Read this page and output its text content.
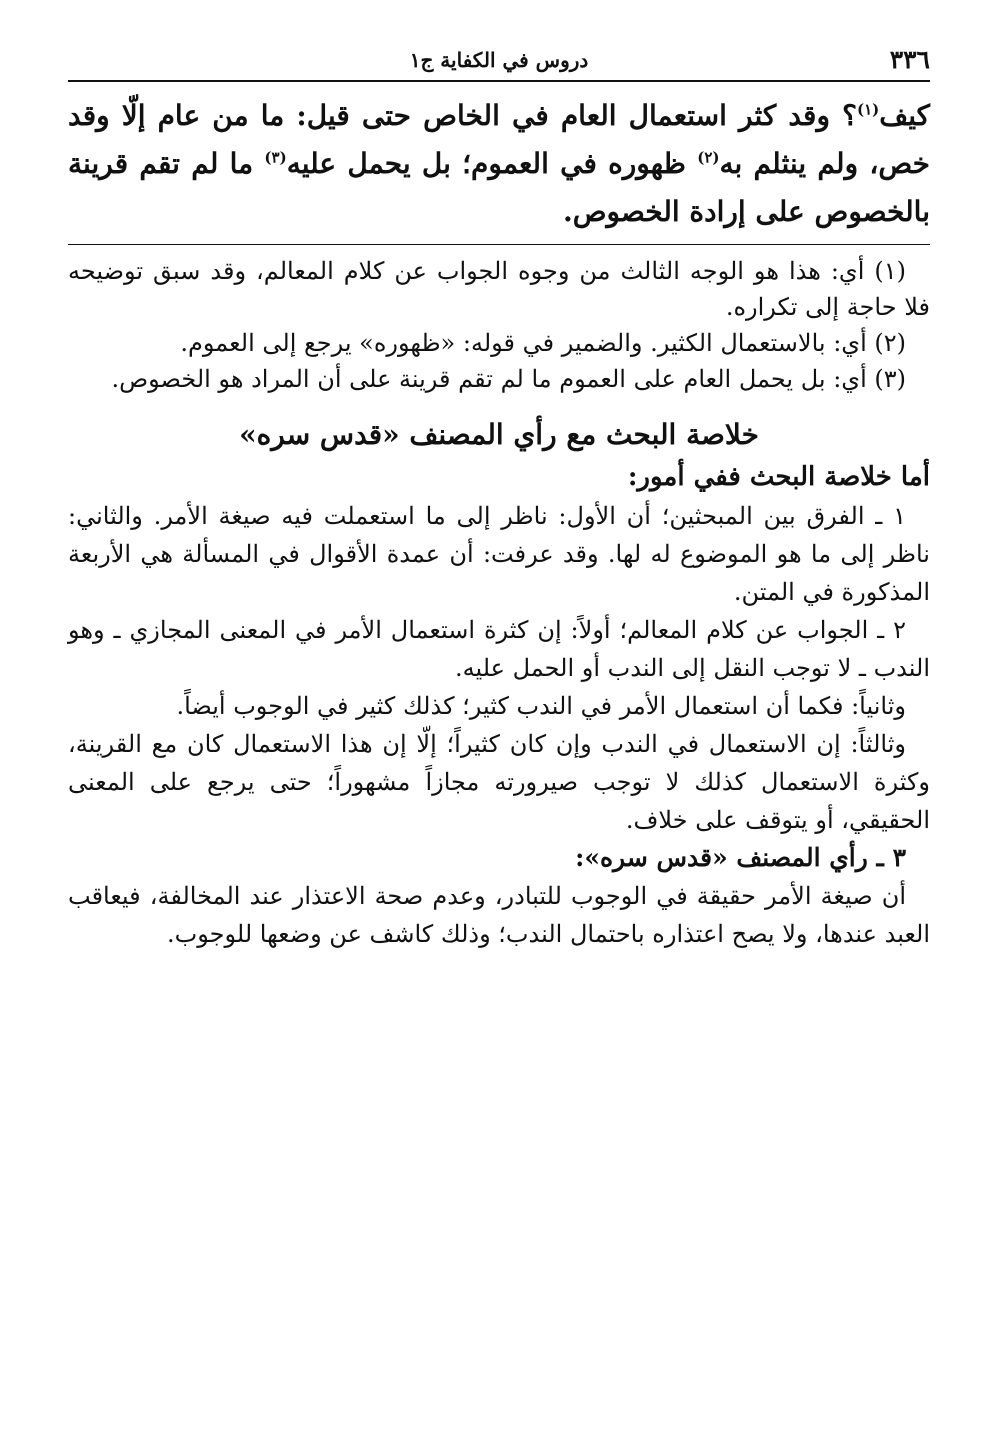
٣٣٦
دروس في الكفاية ج١

كيف$^{(١)}$؟ وقد كثر استعمال العام في الخاص حتى قيل: ما من عام إلّا وقد خص، ولم ينثلم به$^{(٢)}$ ظهوره في العموم؛ بل يحمل عليه$^{(٣)}$ ما لم تقم قرينة بالخصوص على إرادة الخصوص.

(١) أي: هذا هو الوجه الثالث من وجوه الجواب عن كلام المعالم، وقد سبق توضيحه فلا حاجة إلى تكراره.

(٢) أي: بالاستعمال الكثير. والضمير في قوله: «ظهوره» يرجع إلى العموم.

(٣) أي: بل يحمل العام على العموم ما لم تقم قرينة على أن المراد هو الخصوص.

خلاصة البحث مع رأي المصنف «قدس سره»

أما خلاصة البحث ففي أمور:

١ ـ الفرق بين المبحثين؛ أن الأول: ناظر إلى ما استعملت فيه صيغة الأمر. والثاني: ناظر إلى ما هو الموضوع له لها. وقد عرفت: أن عمدة الأقوال في المسألة هي الأربعة المذكورة في المتن.

٢ ـ الجواب عن كلام المعالم؛ أولاً: إن كثرة استعمال الأمر في المعنى المجازي ـ وهو الندب ـ لا توجب النقل إلى الندب أو الحمل عليه.

وثانياً: فكما أن استعمال الأمر في الندب كثير؛ كذلك كثير في الوجوب أيضاً.

وثالثاً: إن الاستعمال في الندب وإن كان كثيراً؛ إلّا إن هذا الاستعمال كان مع القرينة، وكثرة الاستعمال كذلك لا توجب صيرورته مجازاً مشهوراً؛ حتى يرجع على المعنى الحقيقي، أو يتوقف على خلاف.

٣ ـ رأي المصنف «قدس سره»:

أن صيغة الأمر حقيقة في الوجوب للتبادر، وعدم صحة الاعتذار عند المخالفة، فيعاقب العبد عندها، ولا يصح اعتذاره باحتمال الندب؛ وذلك كاشف عن وضعها للوجوب.
